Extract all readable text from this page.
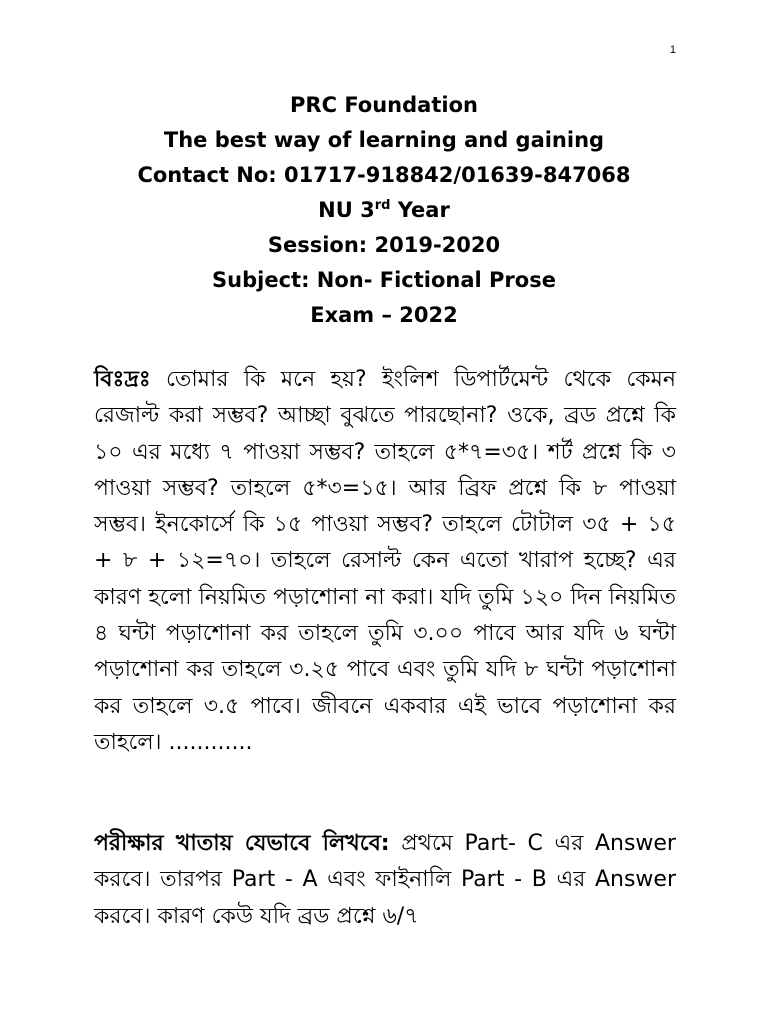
1
PRC Foundation
The best way of learning and gaining
Contact No: 01717-918842/01639-847068
NU 3rd Year
Session: 2019-2020
Subject: Non- Fictional Prose
Exam – 2022
বিঃদ্রঃ তোমার কি মনে হয়? ইংলিশ ডিপার্টমেন্ট থেকে কেমন রেজাল্ট করা সম্ভব? আচ্ছা বুঝতে পারছোনা? ওকে, ব্রড প্রশ্নে কি ১০ এর মধ্যে ৭ পাওয়া সম্ভব? তাহলে ৫*৭=৩৫। শর্ট প্রশ্নে কি ৩ পাওয়া সম্ভব? তাহলে ৫*৩=১৫। আর ব্রিফ প্রশ্নে কি ৮ পাওয়া সম্ভব। ইনকোর্সে কি ১৫ পাওয়া সম্ভব? তাহলে টোটাল ৩৫ + ১৫ + ৮ + ১২=৭০। তাহলে রেসাল্ট কেন এতো খারাপ হচ্ছে? এর কারণ হলো নিয়মিত পড়াশোনা না করা। যদি তুমি ১২০ দিন নিয়মিত ৪ ঘন্টা পড়াশোনা কর তাহলে তুমি ৩.০০ পাবে আর যদি ৬ ঘন্টা পড়াশোনা কর তাহলে ৩.২৫ পাবে এবং তুমি যদি ৮ ঘন্টা পড়াশোনা কর তাহলে ৩.৫ পাবে। জীবনে একবার এই ভাবে পড়াশোনা কর তাহলে। ............
পরীক্ষার খাতায় যেভাবে লিখবে: প্রথমে Part- C এর Answer করবে। তারপর Part - A এবং ফাইনালি Part - B এর Answer করবে। কারণ কেউ যদি ব্রড প্রশ্নে ৬/৭
